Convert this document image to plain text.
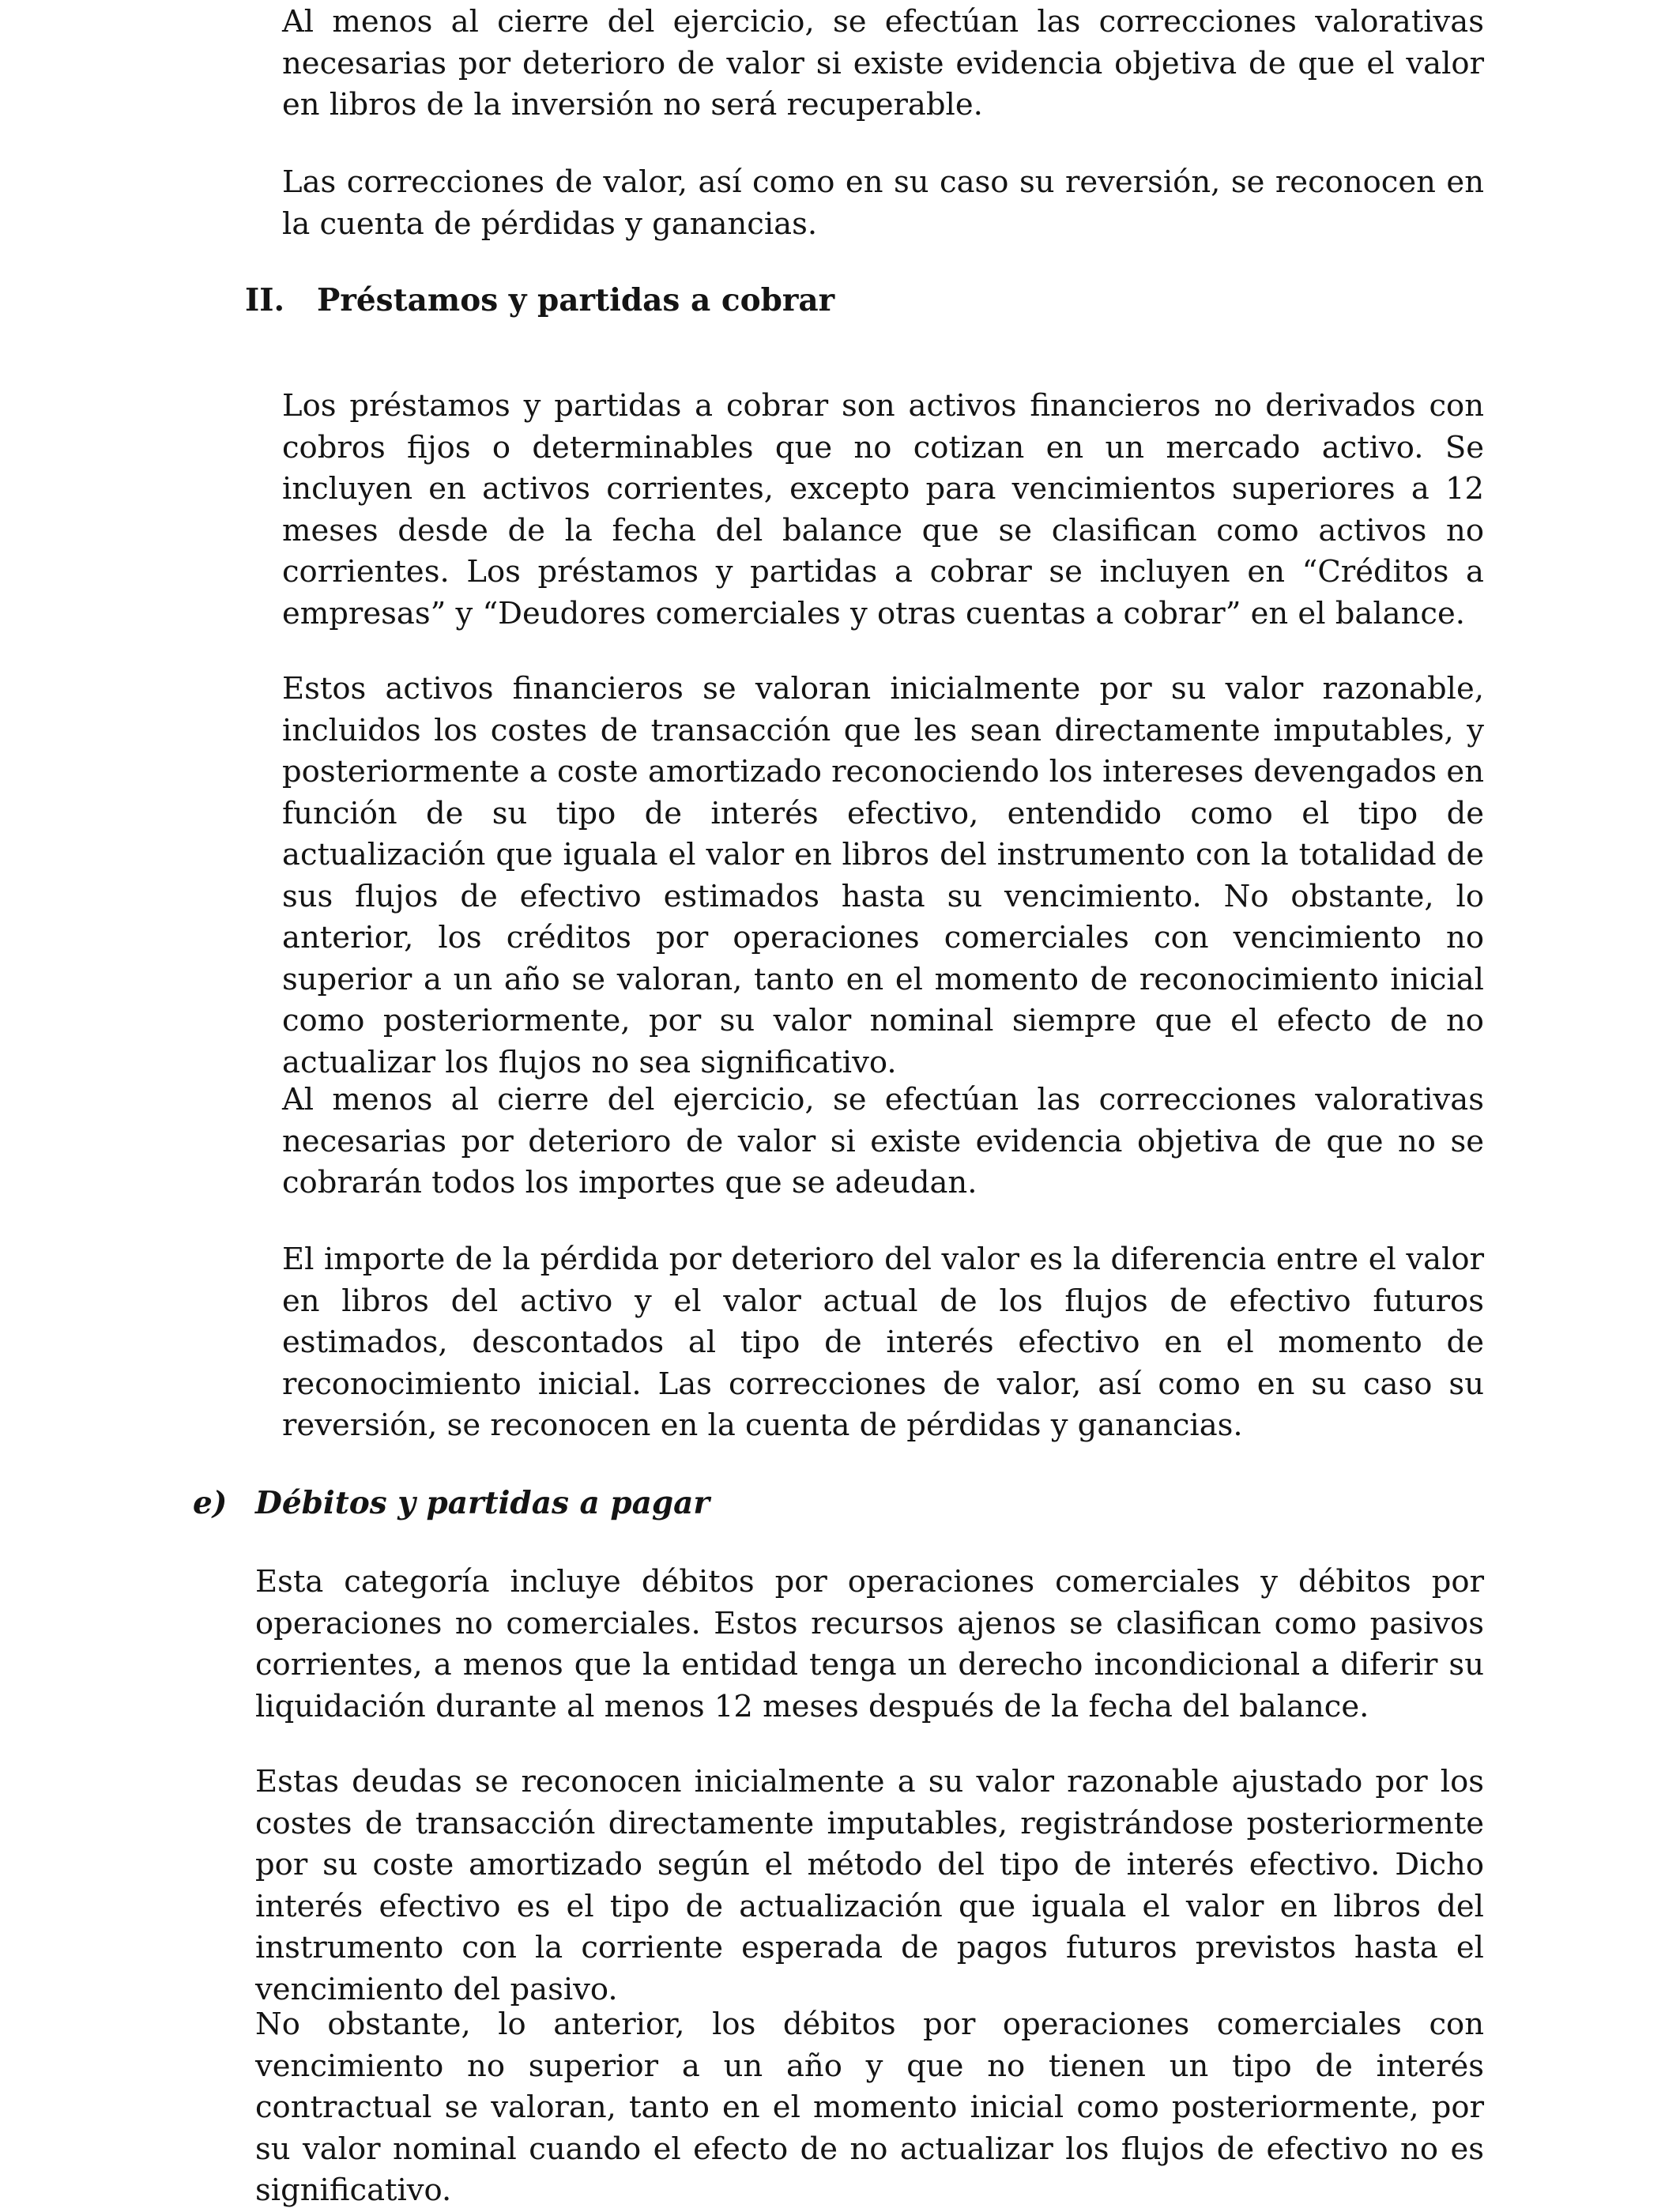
Al menos al cierre del ejercicio, se efectúan las correcciones valorativas necesarias por deterioro de valor si existe evidencia objetiva de que el valor en libros de la inversión no será recuperable.

Las correcciones de valor, así como en su caso su reversión, se reconocen en la cuenta de pérdidas y ganancias.

II. Préstamos y partidas a cobrar

Los préstamos y partidas a cobrar son activos financieros no derivados con cobros fijos o determinables que no cotizan en un mercado activo. Se incluyen en activos corrientes, excepto para vencimientos superiores a 12 meses desde de la fecha del balance que se clasifican como activos no corrientes. Los préstamos y partidas a cobrar se incluyen en “Créditos a empresas” y “Deudores comerciales y otras cuentas a cobrar” en el balance.

Estos activos financieros se valoran inicialmente por su valor razonable, incluidos los costes de transacción que les sean directamente imputables, y posteriormente a coste amortizado reconociendo los intereses devengados en función de su tipo de interés efectivo, entendido como el tipo de actualización que iguala el valor en libros del instrumento con la totalidad de sus flujos de efectivo estimados hasta su vencimiento. No obstante, lo anterior, los créditos por operaciones comerciales con vencimiento no superior a un año se valoran, tanto en el momento de reconocimiento inicial como posteriormente, por su valor nominal siempre que el efecto de no actualizar los flujos no sea significativo.

Al menos al cierre del ejercicio, se efectúan las correcciones valorativas necesarias por deterioro de valor si existe evidencia objetiva de que no se cobrarán todos los importes que se adeudan.

El importe de la pérdida por deterioro del valor es la diferencia entre el valor en libros del activo y el valor actual de los flujos de efectivo futuros estimados, descontados al tipo de interés efectivo en el momento de reconocimiento inicial. Las correcciones de valor, así como en su caso su reversión, se reconocen en la cuenta de pérdidas y ganancias.

e) Débitos y partidas a pagar

Esta categoría incluye débitos por operaciones comerciales y débitos por operaciones no comerciales. Estos recursos ajenos se clasifican como pasivos corrientes, a menos que la entidad tenga un derecho incondicional a diferir su liquidación durante al menos 12 meses después de la fecha del balance.

Estas deudas se reconocen inicialmente a su valor razonable ajustado por los costes de transacción directamente imputables, registrándose posteriormente por su coste amortizado según el método del tipo de interés efectivo. Dicho interés efectivo es el tipo de actualización que iguala el valor en libros del instrumento con la corriente esperada de pagos futuros previstos hasta el vencimiento del pasivo.

No obstante, lo anterior, los débitos por operaciones comerciales con vencimiento no superior a un año y que no tienen un tipo de interés contractual se valoran, tanto en el momento inicial como posteriormente, por su valor nominal cuando el efecto de no actualizar los flujos de efectivo no es significativo.
